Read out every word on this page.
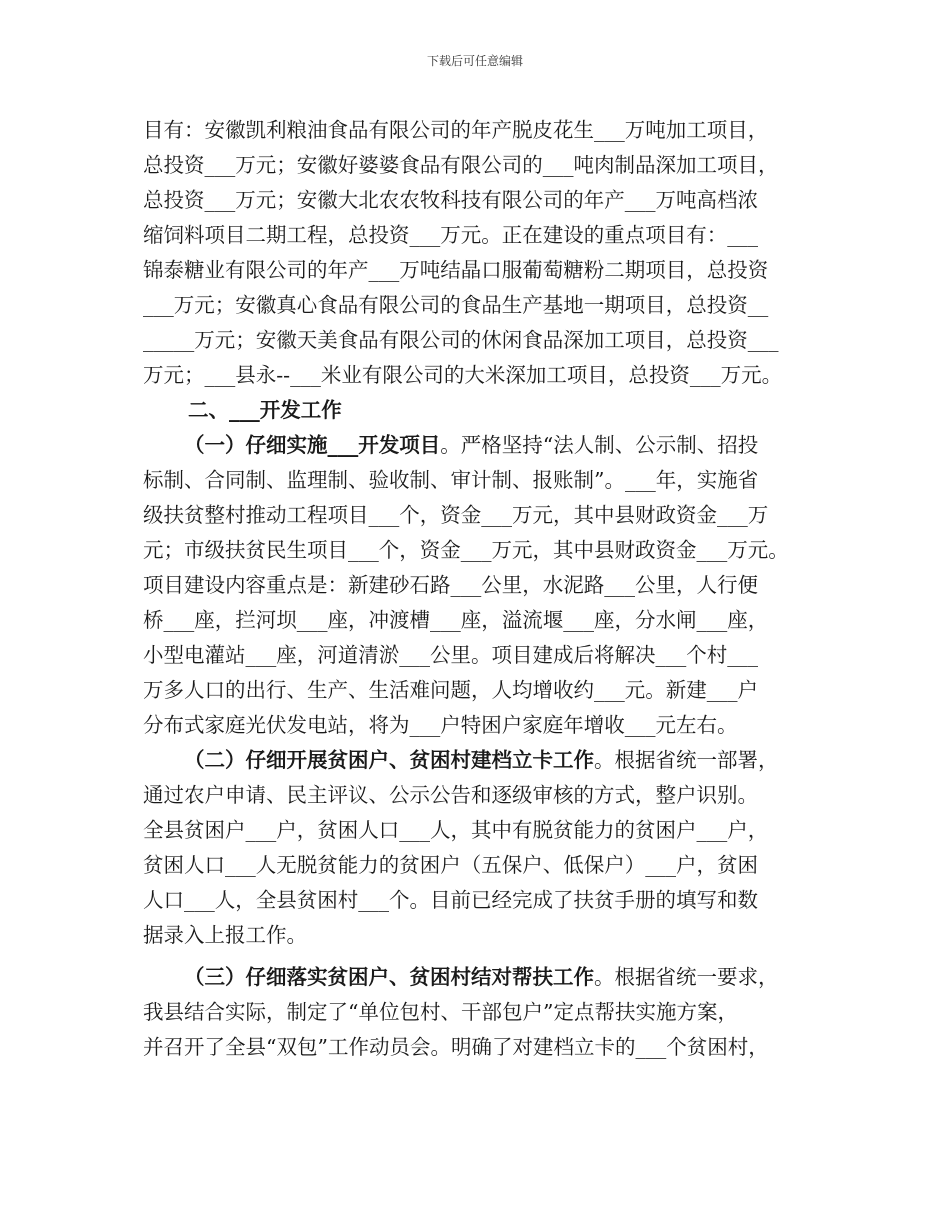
下载后可任意编辑
目有：安徽凯利粮油食品有限公司的年产脱皮花生___万吨加工项目，
总投资___万元；安徽好婆婆食品有限公司的___吨肉制品深加工项目，
总投资___万元；安徽大北农农牧科技有限公司的年产___万吨高档浓
缩饲料项目二期工程，总投资___万元。正在建设的重点项目有：___
锦泰糖业有限公司的年产___万吨结晶口服葡萄糖粉二期项目，总投资
___万元；安徽真心食品有限公司的食品生产基地一期项目，总投资__
_____万元；安徽天美食品有限公司的休闲食品深加工项目，总投资___
万元；___县永--___米业有限公司的大米深加工项目，总投资___万元。
二、___开发工作
（一）仔细实施___开发项目。严格坚持“法人制、公示制、招投
标制、合同制、监理制、验收制、审计制、报账制”。___年，实施省
级扶贫整村推动工程项目___个，资金___万元，其中县财政资金___万
元；市级扶贫民生项目___个，资金___万元，其中县财政资金___万元。
项目建设内容重点是：新建砂石路___公里，水泥路___公里，人行便
桥___座，拦河坝___座，冲渡槽___座，溢流堰___座，分水闸___座，
小型电灌站___座，河道清淤___公里。项目建成后将解决___个村___
万多人口的出行、生产、生活难问题，人均增收约___元。新建___户
分布式家庭光伏发电站，将为___户特困户家庭年增收___元左右。
（二）仔细开展贫困户、贫困村建档立卡工作。根据省统一部署，
通过农户申请、民主评议、公示公告和逐级审核的方式，整户识别。
全县贫困户___户，贫困人口___人，其中有脱贫能力的贫困户___户，
贫困人口___人无脱贫能力的贫困户（五保户、低保户）___户，贫困
人口___人，全县贫困村___个。目前已经完成了扶贫手册的填写和数
据录入上报工作。
（三）仔细落实贫困户、贫困村结对帮扶工作。根据省统一要求，
我县结合实际，制定了“单位包村、干部包户”定点帮扶实施方案，
并召开了全县“双包”工作动员会。明确了对建档立卡的___个贫困村，
